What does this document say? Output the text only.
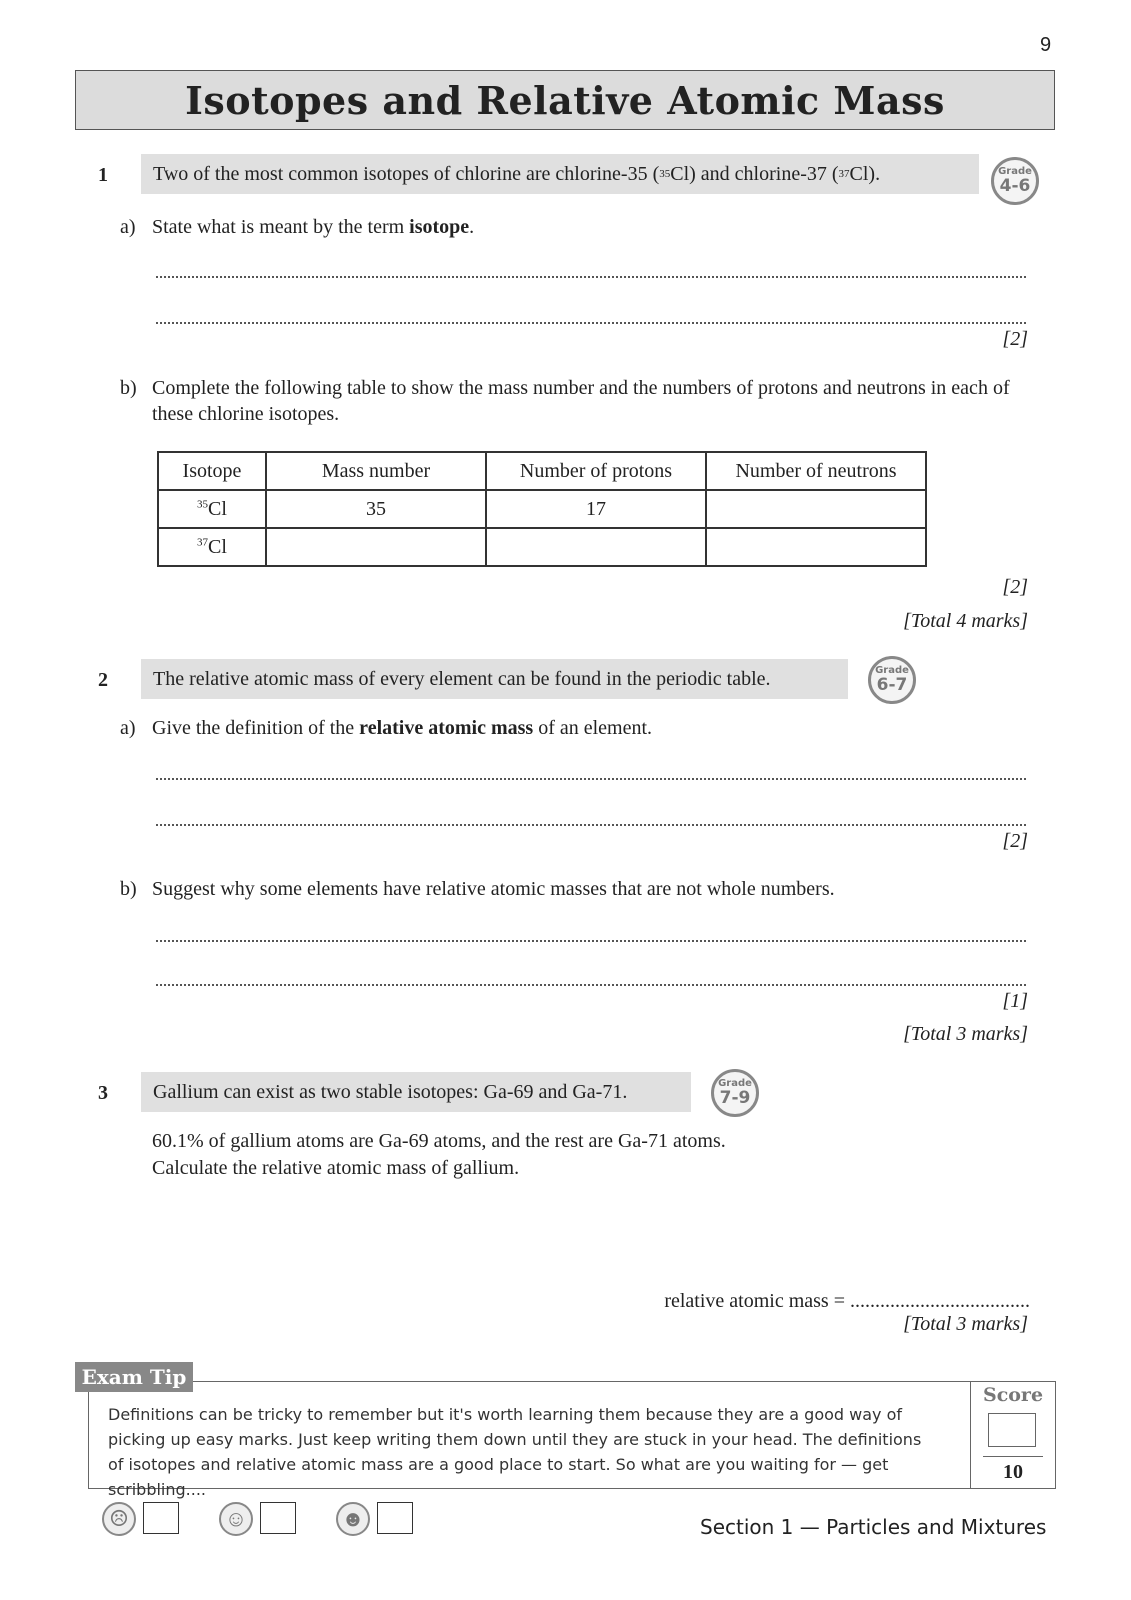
9
Isotopes and Relative Atomic Mass
1 Two of the most common isotopes of chlorine are chlorine-35 ( 35 Cl) and chlorine-37 ( 37 Cl).	Grade
4-6
a) State what is meant by the term isotope.
[2]
b) Complete the following table to show the mass number and the numbers of protons and neutrons in each of these chlorine isotopes.
Isotope	Mass number	Number of protons	Number of neutrons
$^{35}$Cl	35	17	
$^{37}$Cl			
[2]
[Total 4 marks]
2	The relative atomic mass of every element can be found in the periodic table.	Grade
6-7
a) Give the definition of the relative atomic mass of an element.
[2]
b) Suggest why some elements have relative atomic masses that are not whole numbers.
[1]
[Total 3 marks]
3	Gallium can exist as two stable isotopes: Ga-69 and Ga-71.	Grade
7-9
60.1% of gallium atoms are Ga-69 atoms, and the rest are Ga-71 atoms.
Calculate the relative atomic mass of gallium.
relative atomic mass = ....................................
[Total 3 marks]
Exam Tip
Definitions can be tricky to remember but it's worth learning them because they are a good way of picking up easy marks. Just keep writing them down until they are stuck in your head. The definitions of isotopes and relative atomic mass are a good place to start. So what are you waiting for — get scribbling....
Score
10
☹	☺	☻	Section 1 — Particles and Mixtures
